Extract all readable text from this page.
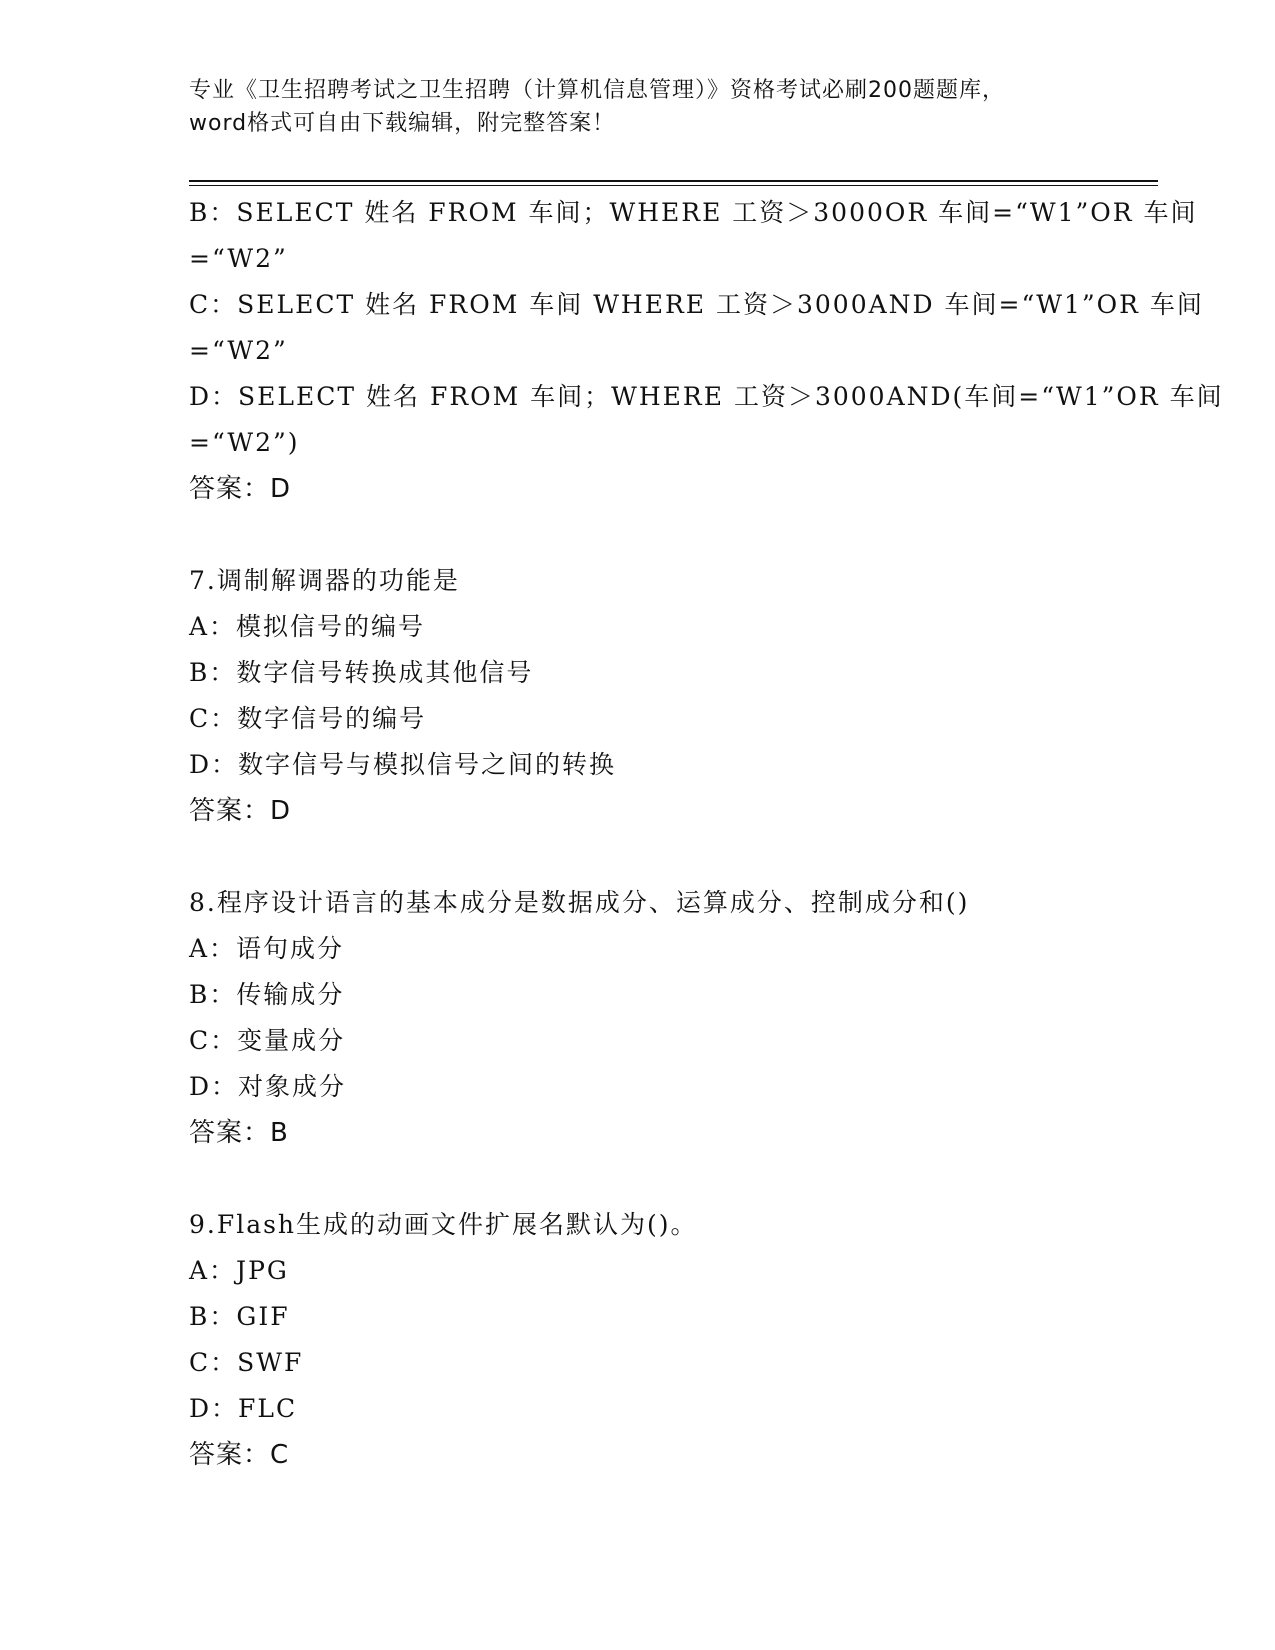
专业《卫生招聘考试之卫生招聘（计算机信息管理）》资格考试必刷200题题库，
word格式可自由下载编辑，附完整答案！
B：SELECT 姓名 FROM 车间；WHERE 工资＞3000OR 车间=“W1”OR 车间
=“W2”
C：SELECT 姓名 FROM 车间 WHERE 工资＞3000AND 车间=“W1”OR 车间
=“W2”
D：SELECT 姓名 FROM 车间；WHERE 工资＞3000AND(车间=“W1”OR 车间
=“W2”)
答案：D
7.调制解调器的功能是
A：模拟信号的编号
B：数字信号转换成其他信号
C：数字信号的编号
D：数字信号与模拟信号之间的转换
答案：D
8.程序设计语言的基本成分是数据成分、运算成分、控制成分和()
A：语句成分
B：传输成分
C：变量成分
D：对象成分
答案：B
9.Flash生成的动画文件扩展名默认为()。
A：JPG
B：GIF
C：SWF
D：FLC
答案：C
